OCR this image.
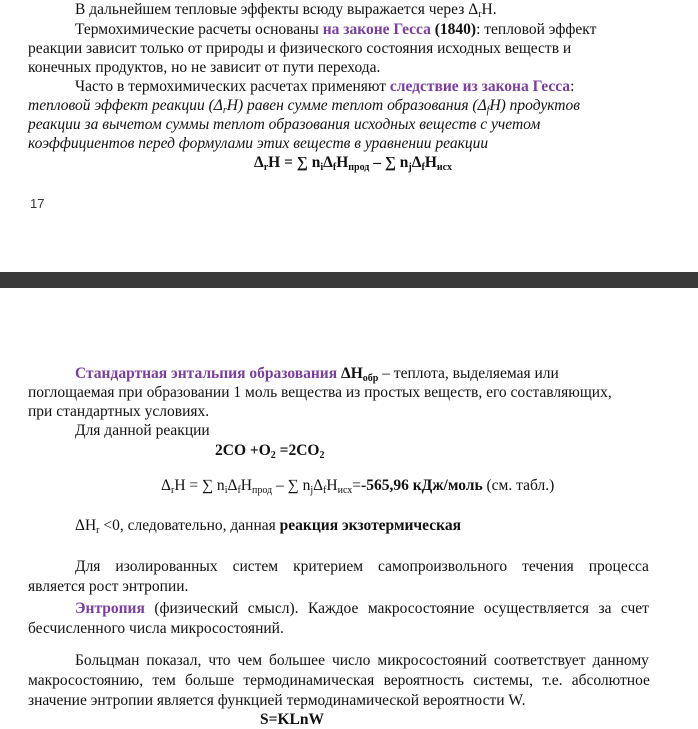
В дальнейшем тепловые эффекты всюду выражается через $\Delta_rH$.
Термохимические расчеты основаны на законе Гесса (1840): тепловой эффект
реакции зависит только от природы и физического состояния исходных веществ и
конечных продуктов, но не зависит от пути перехода.
Часто в термохимических расчетах применяют следствие из закона Гесса:
тепловой эффект реакции $(\Delta_rH)$ равен сумме теплот образования $(\Delta_fH)$ продуктов
реакции за вычетом суммы теплот образования исходных веществ с учетом
коэффициентов перед формулами этих веществ в уравнении реакции
$\Delta_rH$ = ∑ $n_i\Delta_fH_{прод}$ – ∑ $n_j\Delta_fH_{исх}$
17
Стандартная энтальпия образования $\Delta H_{обр}$ – теплота, выделяемая или
поглощаемая при образовании 1 моль вещества из простых веществ, его составляющих,
при стандартных условиях.
Для данной реакции
$2CO +O_2 =2CO_2$
$\Delta_rH$ = ∑ $n_i\Delta_fH_{прод}$ – ∑ $n_j\Delta_fH_{исх}=-565,96$ кДж/моль (см. табл.)
$\Delta H_r <0$, следовательно, данная реакция экзотермическая
Для изолированных систем критерием самопроизвольного течения процесса
является рост энтропии.
Энтропия (физический смысл). Каждое макросостояние осуществляется за счет
бесчисленного числа микросостояний.
Больцман показал, что чем большее число микросостояний соответствует данному
макросостоянию, тем больше термодинамическая вероятность системы, т.е. абсолютное
значение энтропии является функцией термодинамической вероятности W.
S=KLnW
